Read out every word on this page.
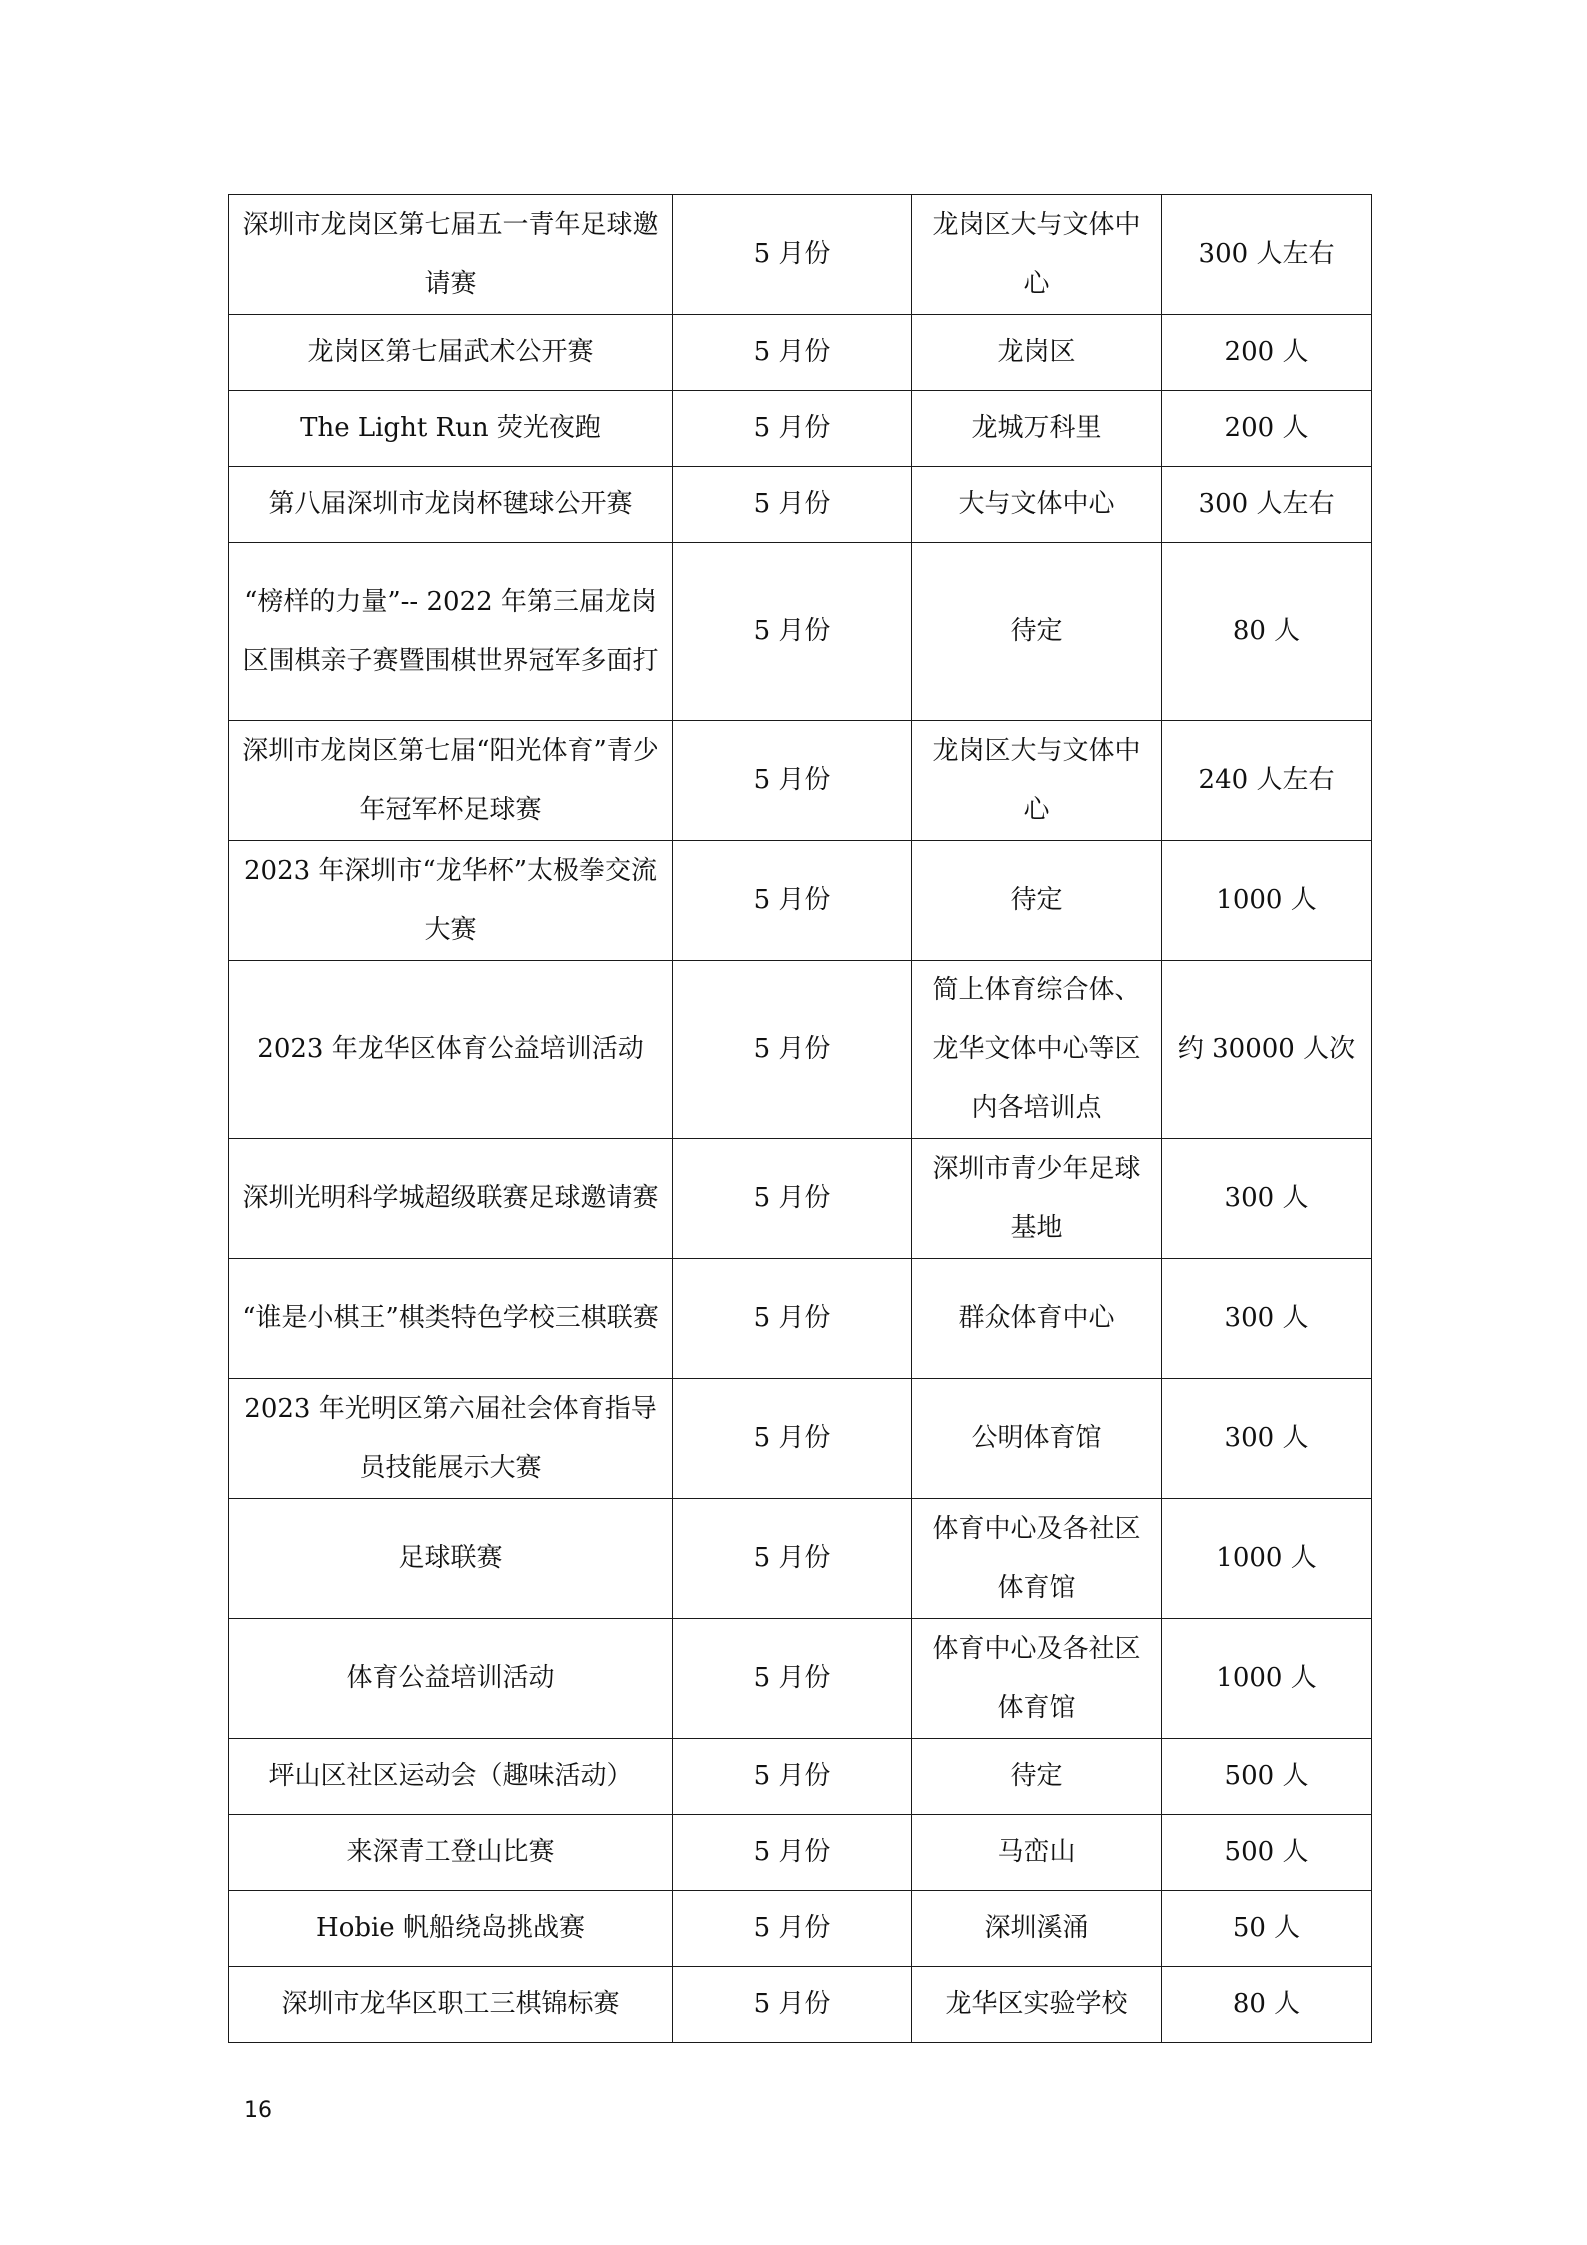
深圳市龙岗区第七届五一青年足球邀请赛	5 月份	龙岗区大与文体中心	300 人左右
龙岗区第七届武术公开赛	5 月份	龙岗区	200 人
The Light Run 荧光夜跑	5 月份	龙城万科里	200 人
第八届深圳市龙岗杯毽球公开赛	5 月份	大与文体中心	300 人左右
“榜样的力量”-- 2022 年第三届龙岗区围棋亲子赛暨围棋世界冠军多面打	5 月份	待定	80 人
深圳市龙岗区第七届“阳光体育”青少年冠军杯足球赛	5 月份	龙岗区大与文体中心	240 人左右
2023 年深圳市“龙华杯”太极拳交流大赛	5 月份	待定	1000 人
2023 年龙华区体育公益培训活动	5 月份	简上体育综合体、龙华文体中心等区内各培训点	约 30000 人次
深圳光明科学城超级联赛足球邀请赛	5 月份	深圳市青少年足球基地	300 人
“谁是小棋王”棋类特色学校三棋联赛	5 月份	群众体育中心	300 人
2023 年光明区第六届社会体育指导员技能展示大赛	5 月份	公明体育馆	300 人
足球联赛	5 月份	体育中心及各社区体育馆	1000 人
体育公益培训活动	5 月份	体育中心及各社区体育馆	1000 人
坪山区社区运动会（趣味活动）	5 月份	待定	500 人
来深青工登山比赛	5 月份	马峦山	500 人
Hobie 帆船绕岛挑战赛	5 月份	深圳溪涌	50 人
深圳市龙华区职工三棋锦标赛	5 月份	龙华区实验学校	80 人
16
